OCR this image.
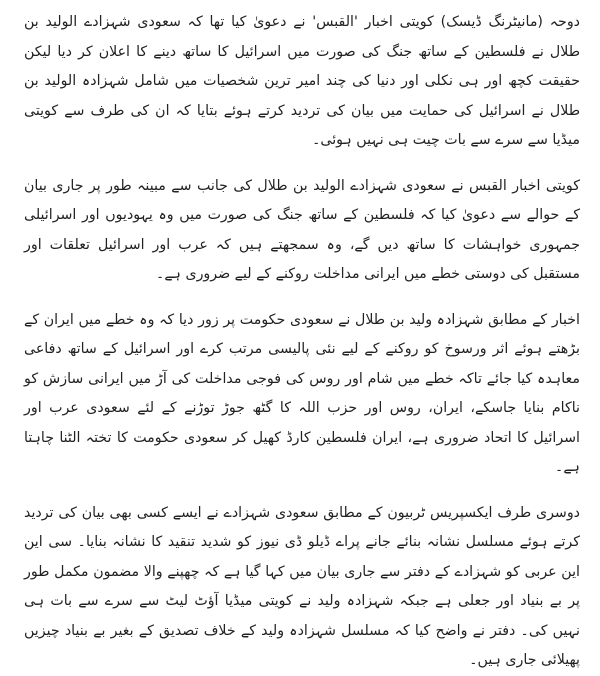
دوحہ (مانیٹرنگ ڈیسک) کویتی اخبار 'القبس' نے دعویٰ کیا تھا کہ سعودی شہزادے الولید بن طلال نے فلسطین کے ساتھ جنگ کی صورت میں اسرائیل کا ساتھ دینے کا اعلان کر دیا لیکن حقیقت کچھ اور ہی نکلی اور دنیا کی چند امیر ترین شخصیات میں شامل شہزادہ الولید بن طلال نے اسرائیل کی حمایت میں بیان کی تردید کرتے ہوئے بتایا کہ ان کی طرف سے کویتی میڈیا سے سرے سے بات چیت ہی نہیں ہوئی۔

کویتی اخبار القبس نے سعودی شہزادے الولید بن طلال کی جانب سے مبینہ طور پر جاری بیان کے حوالے سے دعویٰ کیا کہ فلسطین کے ساتھ جنگ کی صورت میں وہ یہودیوں اور اسرائیلی جمہوری خواہشات کا ساتھ دیں گے، وہ سمجھتے ہیں کہ عرب اور اسرائیل تعلقات اور مستقبل کی دوستی خطے میں ایرانی مداخلت روکنے کے لیے ضروری ہے۔

اخبار کے مطابق شہزادہ ولید بن طلال نے سعودی حکومت پر زور دیا کہ وہ خطے میں ایران کے بڑھتے ہوئے اثر ورسوخ کو روکنے کے لیے نئی پالیسی مرتب کرے اور اسرائیل کے ساتھ دفاعی معاہدہ کیا جائے تاکہ خطے میں شام اور روس کی فوجی مداخلت کی آڑ میں ایرانی سازش کو ناکام بنایا جاسکے، ایران، روس اور حزب اللہ کا گٹھ جوڑ توڑنے کے لئے سعودی عرب اور اسرائیل کا اتحاد ضروری ہے، ایران فلسطین کارڈ کھیل کر سعودی حکومت کا تختہ الٹنا چاہتا ہے۔

دوسری طرف ایکسپریس ٹربیون کے مطابق سعودی شہزادے نے ایسے کسی بھی بیان کی تردید کرتے ہوئے مسلسل نشانہ بنائے جانے پراے ڈیلو ڈی نیوز کو شدید تنقید کا نشانہ بنایا۔ سی این این عربی کو شہزادے کے دفتر سے جاری بیان میں کہا گیا ہے کہ چھپنے والا مضمون مکمل طور پر بے بنیاد اور جعلی ہے جبکہ شہزادہ ولید نے کویتی میڈیا آؤٹ لیٹ سے سرے سے بات ہی نہیں کی۔ دفتر نے واضح کیا کہ مسلسل شہزادہ ولید کے خلاف تصدیق کے بغیر بے بنیاد چیزیں پھیلائی جاری ہیں۔
